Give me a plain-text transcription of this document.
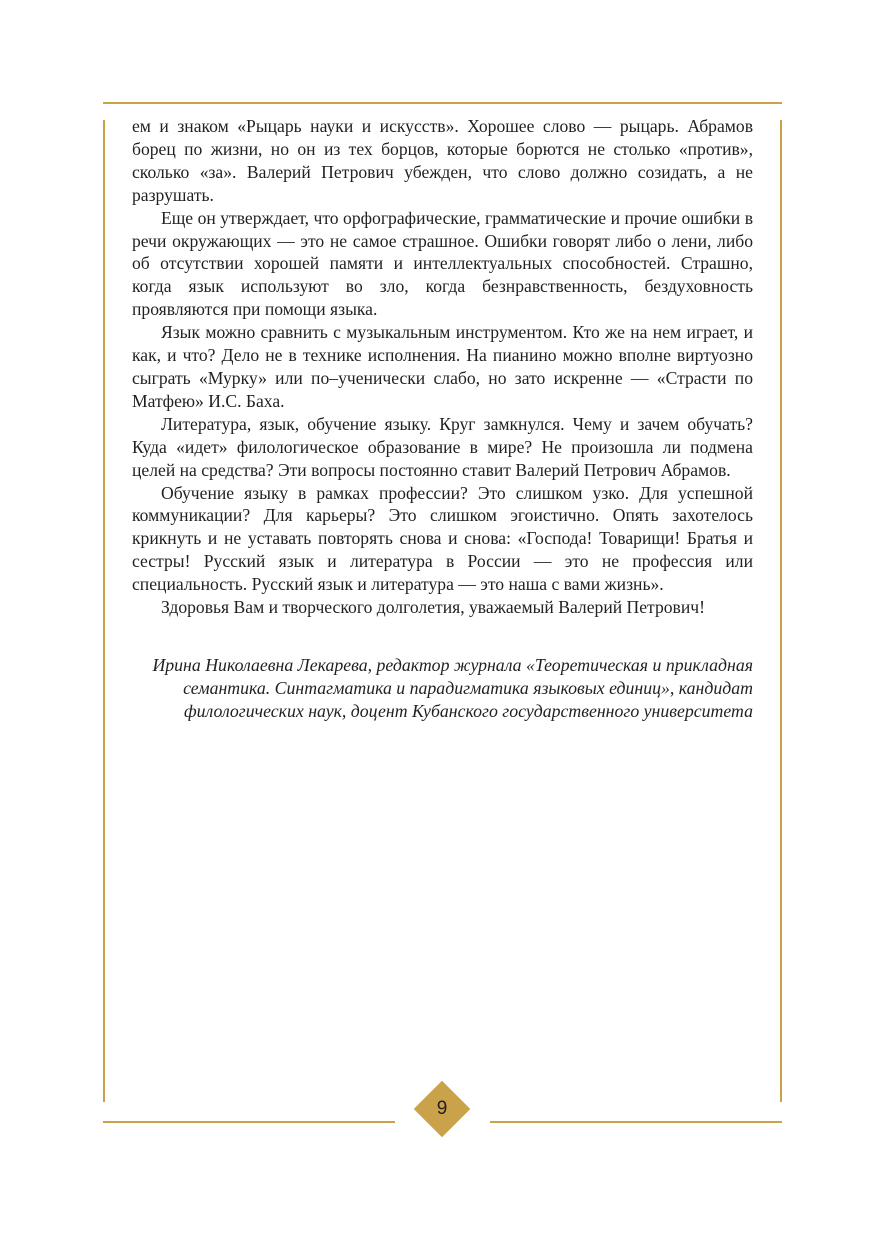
ем и знаком «Рыцарь науки и искусств». Хорошее слово — рыцарь. Абрамов борец по жизни, но он из тех борцов, которые борются не столько «против», сколько «за». Валерий Петрович убежден, что слово должно созидать, а не разрушать.

Еще он утверждает, что орфографические, грамматические и прочие ошибки в речи окружающих — это не самое страшное. Ошибки говорят либо о лени, либо об отсутствии хорошей памяти и интеллектуальных способностей. Страшно, когда язык используют во зло, когда безнравственность, бездуховность проявляются при помощи языка.

Язык можно сравнить с музыкальным инструментом. Кто же на нем играет, и как, и что? Дело не в технике исполнения. На пианино можно вполне виртуозно сыграть «Мурку» или по–ученически слабо, но зато искренне — «Страсти по Матфею» И.С. Баха.

Литература, язык, обучение языку. Круг замкнулся. Чему и зачем обучать? Куда «идет» филологическое образование в мире? Не произошла ли подмена целей на средства? Эти вопросы постоянно ставит Валерий Петрович Абрамов.

Обучение языку в рамках профессии? Это слишком узко. Для успешной коммуникации? Для карьеры? Это слишком эгоистично. Опять захотелось крикнуть и не уставать повторять снова и снова: «Господа! Товарищи! Братья и сестры! Русский язык и литература в России — это не профессия или специальность. Русский язык и литература — это наша с вами жизнь».

Здоровья Вам и творческого долголетия, уважаемый Валерий Петрович!

Ирина Николаевна Лекарева, редактор журнала «Теоретическая и прикладная семантика. Синтагматика и парадигматика языковых единиц», кандидат филологических наук, доцент Кубанского государственного университета
9
